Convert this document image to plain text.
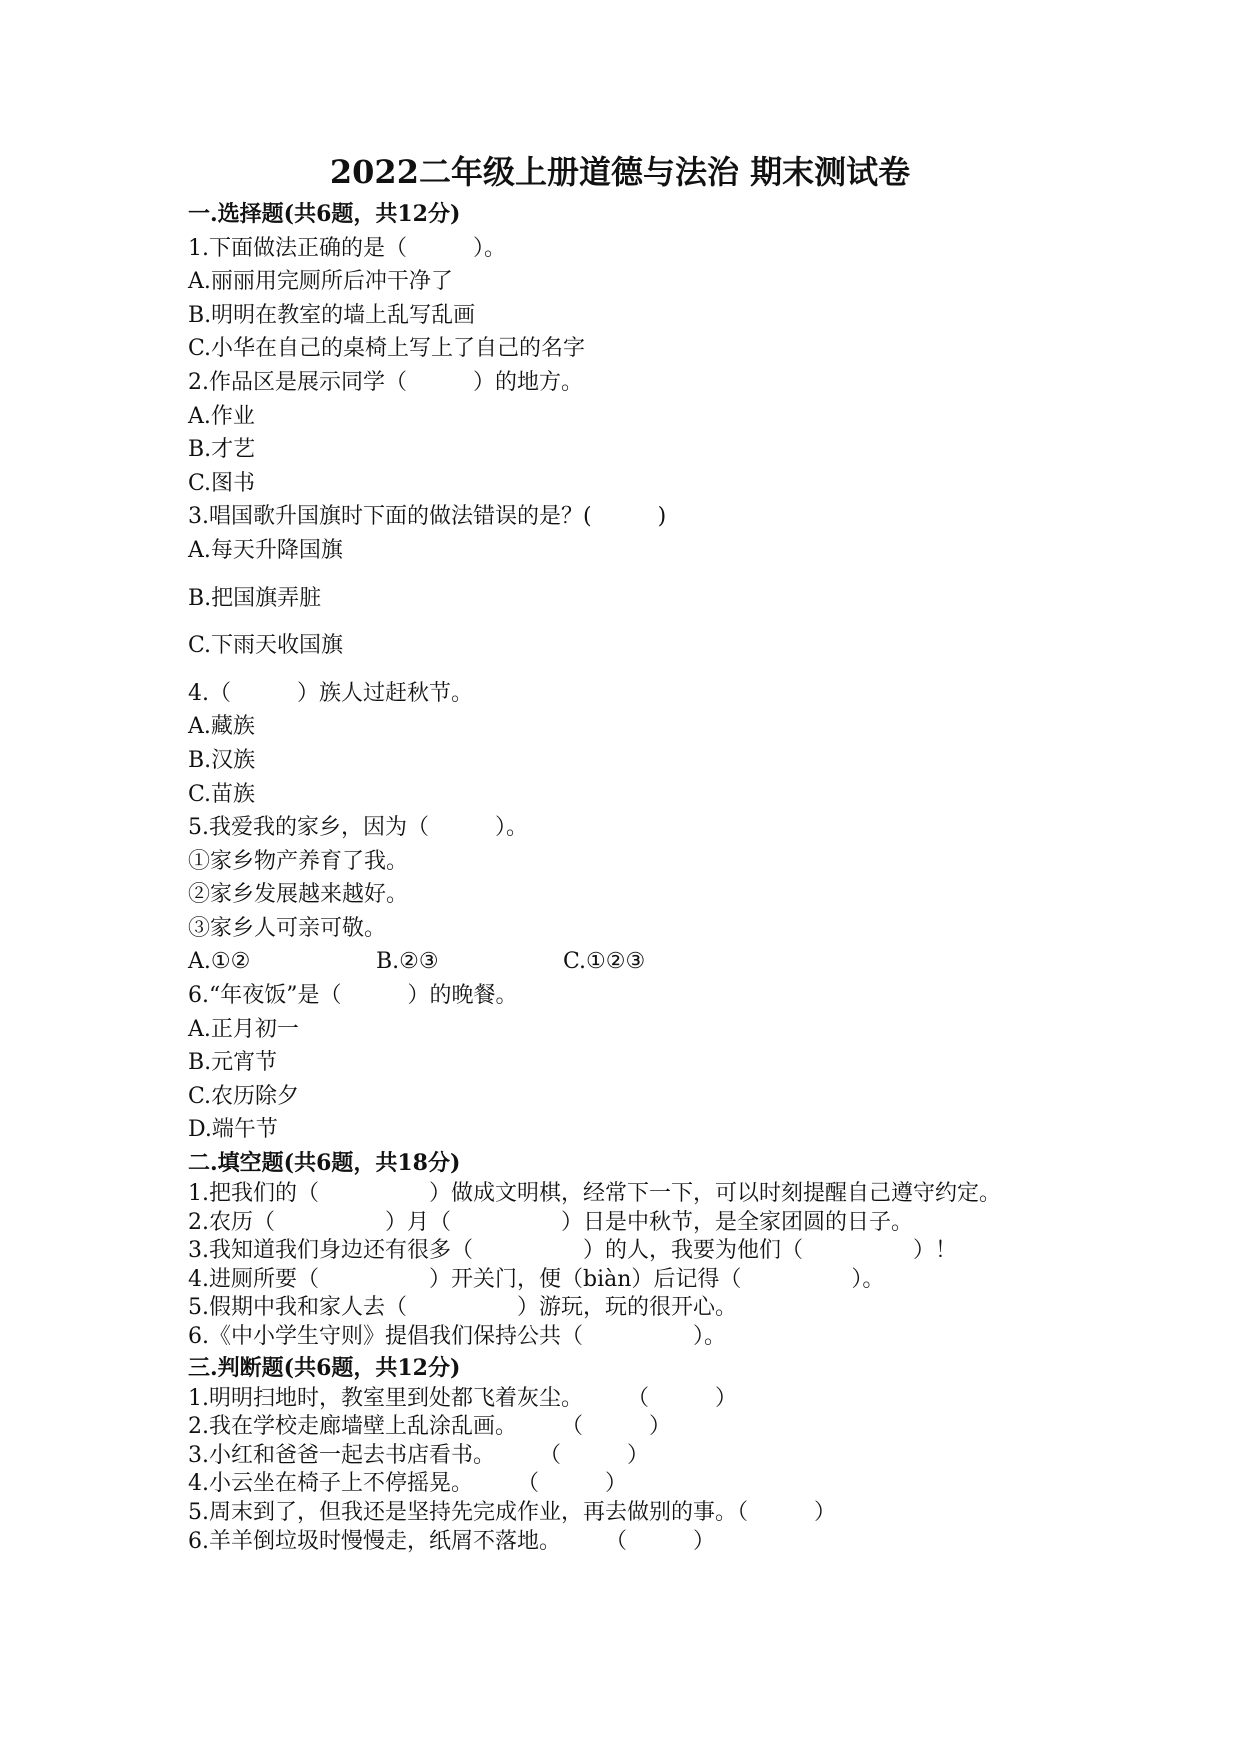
2022二年级上册道德与法治 期末测试卷
一.选择题(共6题，共12分)
1.下面做法正确的是（　　　）。
A.丽丽用完厕所后冲干净了
B.明明在教室的墙上乱写乱画
C.小华在自己的桌椅上写上了自己的名字
2.作品区是展示同学（　　　）的地方。
A.作业
B.才艺
C.图书
3.唱国歌升国旗时下面的做法错误的是？(　　　)
A.每天升降国旗
B.把国旗弄脏
C.下雨天收国旗
4.（　　　）族人过赶秋节。
A.藏族
B.汉族
C.苗族
5.我爱我的家乡，因为（　　　）。
①家乡物产养育了我。
②家乡发展越来越好。
③家乡人可亲可敬。
A.①②	B.②③	C.①②③
6.“年夜饭”是（　　　）的晚餐。
A.正月初一
B.元宵节
C.农历除夕
D.端午节
二.填空题(共6题，共18分)
1.把我们的（　　　　　）做成文明棋，经常下一下，可以时刻提醒自己遵守约定。
2.农历（　　　　　）月（　　　　　）日是中秋节，是全家团圆的日子。
3.我知道我们身边还有很多（　　　　　）的人，我要为他们（　　　　　）！
4.进厕所要（　　　　　）开关门，便（biàn）后记得（　　　　　）。
5.假期中我和家人去（　　　　　）游玩，玩的很开心。
6.《中小学生守则》提倡我们保持公共（　　　　　）。
三.判断题(共6题，共12分)
1.明明扫地时，教室里到处都飞着灰尘。　　　（　　　）
2.我在学校走廊墙壁上乱涂乱画。　　　（　　　）
3.小红和爸爸一起去书店看书。　　　（　　　）
4.小云坐在椅子上不停摇晃。　　　（　　　）
5.周末到了，但我还是坚持先完成作业，再去做别的事。（　　　）
6.羊羊倒垃圾时慢慢走，纸屑不落地。　　　（　　　）
